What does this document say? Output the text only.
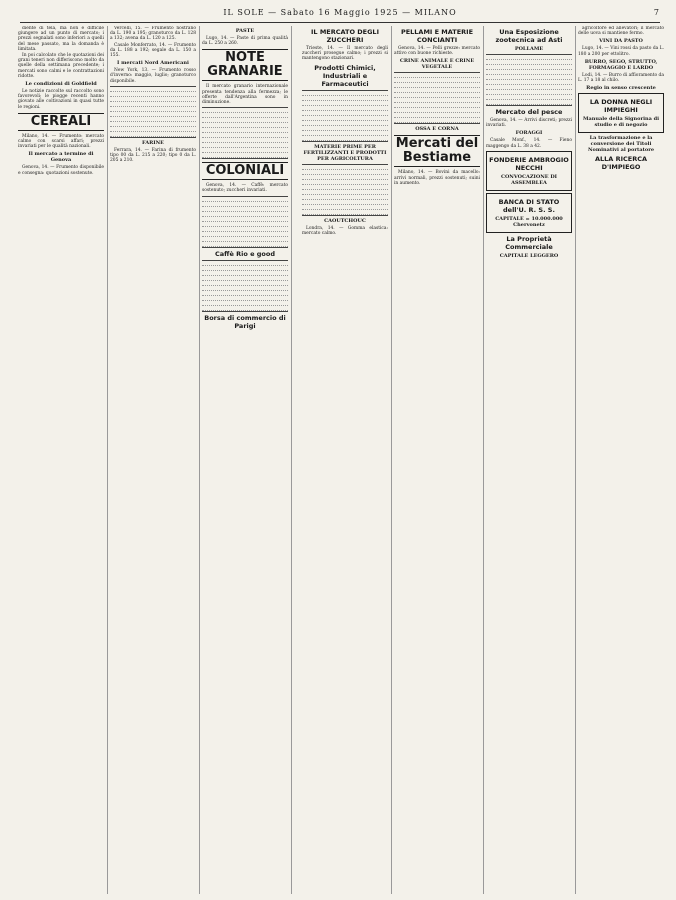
IL SOLE — Sabato 16 Maggio 1925 — MILANO	7

diente di tela, ma non è difficile giungere ad un punto di mercato; i prezzi segnalati sono inferiori a quelli del mese passato, ma la domanda è limitata.

In poi calcolato che le quotazioni dei grani teneri non differiscono molto da quelle della settimana precedente; i mercati sono calmi e le contrattazioni ridotte.

Le condizioni di Goldfield

Le notizie raccolte sul raccolto sono favorevoli; le piogge recenti hanno giovato alle coltivazioni in quasi tutte le regioni.

CEREALI

Milano, 14. — Frumento: mercato calmo con scarsi affari; prezzi invariati per le qualità nazionali.

Il mercato a termine di Genova

Genova, 14. — Frumento disponibile e consegna: quotazioni sostenute.

Vercelli, 15. — Frumento nostrano da L. 190 a 195; granoturco da L. 128 a 132; avena da L. 120 a 125.

Casale Monferrato, 14. — Frumento da L. 188 a 192; segale da L. 150 a 155.

I mercati Nord Americani

New York, 13. — Frumento rosso d'inverno: maggio, luglio; granoturco disponibile.

FARINE

Ferrara, 14. — Farina di frumento tipo 00 da L. 215 a 220; tipo 0 da L. 205 a 210.

PASTE

Lugo, 14. — Paste di prima qualità da L. 250 a 260.

NOTE GRANARIE

Il mercato granario internazionale presenta tendenza alla fermezza; le offerte dall'Argentina sono in diminuzione.

COLONIALI

Genova, 14. — Caffè: mercato sostenuto; zuccheri invariati.

Caffè Rio e good
Borsa di commercio di Parigi
IL MERCATO DEGLI ZUCCHERI

Trieste, 14. — Il mercato degli zuccheri prosegue calmo; i prezzi si mantengono stazionari.

Prodotti Chimici, Industriali e Farmaceutici
MATERIE PRIME PER FERTILIZZANTI E PRODOTTI PER AGRICOLTURA
CAOUTCHOUC

Londra, 14. — Gomma elastica: mercato calmo.

PELLAMI E MATERIE CONCIANTI

Genova, 14. — Pelli grezze: mercato attivo con buone richieste.

CRINE ANIMALE E CRINE VEGETALE
OSSA E CORNA
Mercati del Bestiame

Milano, 14. — Bovini da macello: arrivi normali, prezzi sostenuti; suini in aumento.

Una Esposizione zootecnica ad Asti
POLLAME
Mercato del pesce

Genova, 14. — Arrivi discreti; prezzi invariati.

FORAGGI

Casale Monf., 14. — Fieno maggengo da L. 38 a 42.

FONDERIE AMBROGIO NECCHI
CONVOCAZIONE DI ASSEMBLEA
BANCA DI STATO dell'U. R. S. S.
CAPITALE = 10.000.000 Chervonetz
La Proprietà Commerciale
CAPITALE LEGGERO

agricoltore ed allevatori; il mercato delle uova si mantiene fermo.

VINI DA PASTO

Lugo, 14. — Vini rossi da pasto da L. 180 a 200 per ettolitro.

BURRO, SEGO, STRUTTO, FORMAGGIO E LARDO

Lodi, 14. — Burro di affioramento da L. 17 a 18 al chilo.

Regio in senso crescente
LA DONNA NEGLI IMPIEGHI
Manuale della Signorina di studio e di negozio
La trasformazione e la conversione dei Titoli Nominativi al portatore
ALLA RICERCA D'IMPIEGO
